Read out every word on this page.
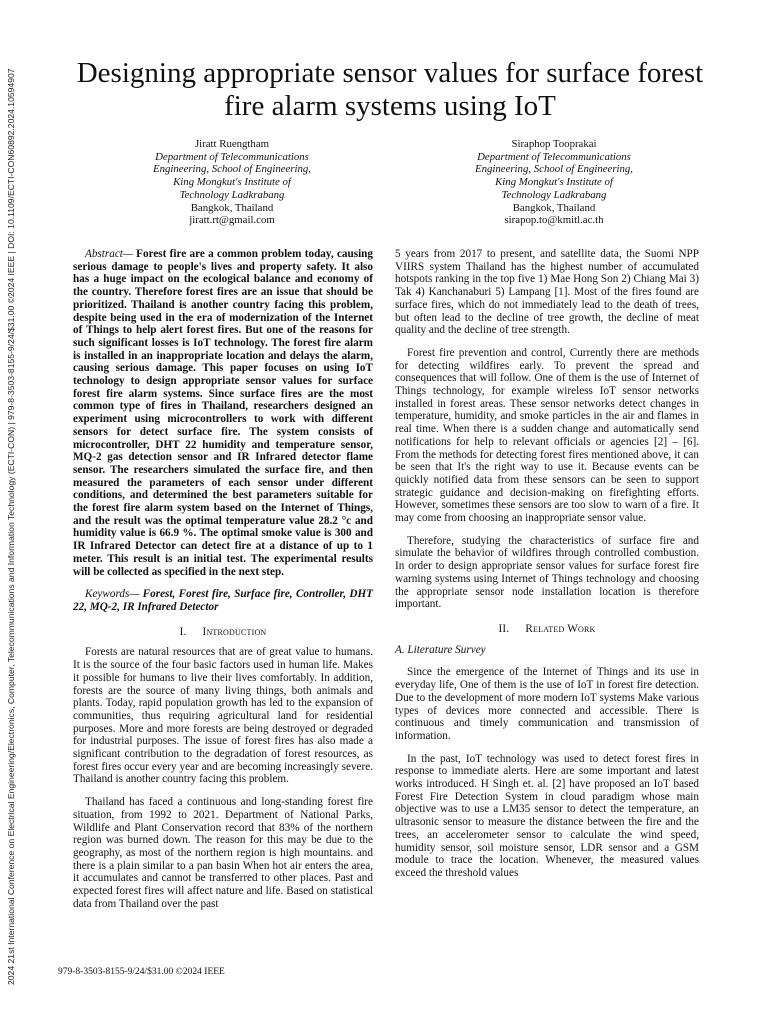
2024 21st International Conference on Electrical Engineering/Electronics, Computer, Telecommunications and Information Technology (ECTI-CON) | 979-8-3503-8155-9/24/$31.00 ©2024 IEEE | DOI: 10.1109/ECTI-CON60892.2024.10594907	Designing appropriate sensor values for surface forest fire alarm systems using IoT
Jiratt Ruengtham
Department of Telecommunications
Engineering, School of Engineering,
King Mongkut's Institute of
Technology Ladkrabang
Bangkok, Thailand
jiratt.rt@gmail.com
Siraphop Tooprakai
Department of Telecommunications
Engineering, School of Engineering,
King Mongkut's Institute of
Technology Ladkrabang
Bangkok, Thailand
sirapop.to@kmitl.ac.th

Abstract— Forest fire are a common problem today, causing serious damage to people's lives and property safety. It also has a huge impact on the ecological balance and economy of the country. Therefore forest fires are an issue that should be prioritized. Thailand is another country facing this problem, despite being used in the era of modernization of the Internet of Things to help alert forest fires. But one of the reasons for such significant losses is IoT technology. The forest fire alarm is installed in an inappropriate location and delays the alarm, causing serious damage. This paper focuses on using IoT technology to design appropriate sensor values for surface forest fire alarm systems. Since surface fires are the most common type of fires in Thailand, researchers designed an experiment using microcontrollers to work with different sensors for detect surface fire. The system consists of microcontroller, DHT 22 humidity and temperature sensor, MQ-2 gas detection sensor and IR Infrared detector flame sensor. The researchers simulated the surface fire, and then measured the parameters of each sensor under different conditions, and determined the best parameters suitable for the forest fire alarm system based on the Internet of Things, and the result was the optimal temperature value 28.2 °c and humidity value is 66.9 %. The optimal smoke value is 300 and IR Infrared Detector can detect fire at a distance of up to 1 meter. This result is an initial test. The experimental results will be collected as specified in the next step.

Keywords— Forest, Forest fire, Surface fire, Controller, DHT 22, MQ-2, IR Infrared Detector

I. Introduction

Forests are natural resources that are of great value to humans. It is the source of the four basic factors used in human life. Makes it possible for humans to live their lives comfortably. In addition, forests are the source of many living things, both animals and plants. Today, rapid population growth has led to the expansion of communities, thus requiring agricultural land for residential purposes. More and more forests are being destroyed or degraded for industrial purposes. The issue of forest fires has also made a significant contribution to the degradation of forest resources, as forest fires occur every year and are becoming increasingly severe. Thailand is another country facing this problem.

Thailand has faced a continuous and long-standing forest fire situation, from 1992 to 2021. Department of National Parks, Wildlife and Plant Conservation record that 83% of the northern region was burned down. The reason for this may be due to the geography, as most of the northern region is high mountains. and there is a plain similar to a pan basin When hot air enters the area, it accumulates and cannot be transferred to other places. Past and expected forest fires will affect nature and life. Based on statistical data from Thailand over the past

5 years from 2017 to present, and satellite data, the Suomi NPP VIIRS system Thailand has the highest number of accumulated hotspots ranking in the top five 1) Mae Hong Son 2) Chiang Mai 3) Tak 4) Kanchanaburi 5) Lampang [1]. Most of the fires found are surface fires, which do not immediately lead to the death of trees, but often lead to the decline of tree growth, the decline of meat quality and the decline of tree strength.

Forest fire prevention and control, Currently there are methods for detecting wildfires early. To prevent the spread and consequences that will follow. One of them is the use of Internet of Things technology, for example wireless IoT sensor networks installed in forest areas. These sensor networks detect changes in temperature, humidity, and smoke particles in the air and flames in real time. When there is a sudden change and automatically send notifications for help to relevant officials or agencies [2] – [6]. From the methods for detecting forest fires mentioned above, it can be seen that It's the right way to use it. Because events can be quickly notified data from these sensors can be seen to support strategic guidance and decision-making on firefighting efforts. However, sometimes these sensors are too slow to warn of a fire. It may come from choosing an inappropriate sensor value.

Therefore, studying the characteristics of surface fire and simulate the behavior of wildfires through controlled combustion. In order to design appropriate sensor values for surface forest fire warning systems using Internet of Things technology and choosing the appropriate sensor node installation location is therefore important.

II. Related Work

A. Literature Survey

Since the emergence of the Internet of Things and its use in everyday life, One of them is the use of IoT in forest fire detection. Due to the development of more modern IoT systems Make various types of devices more connected and accessible. There is continuous and timely communication and transmission of information.

In the past, IoT technology was used to detect forest fires in response to immediate alerts. Here are some important and latest works introduced. H Singh et. al. [2] have proposed an IoT based Forest Fire Detection System in cloud paradigm whose main objective was to use a LM35 sensor to detect the temperature, an ultrasonic sensor to measure the distance between the fire and the trees, an accelerometer sensor to calculate the wind speed, humidity sensor, soil moisture sensor, LDR sensor and a GSM module to trace the location. Whenever, the measured values exceed the threshold values

979-8-3503-8155-9/24/$31.00 ©2024 IEEE
